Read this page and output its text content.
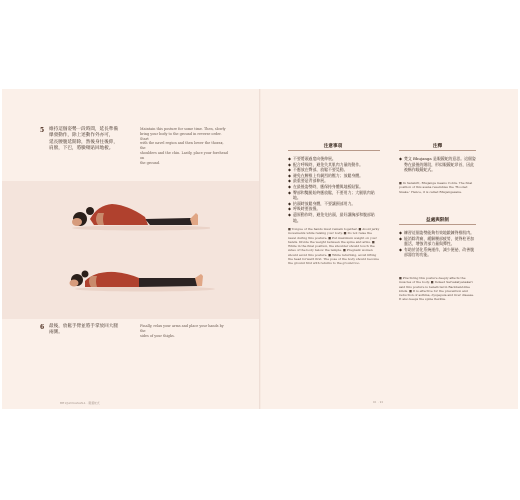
5 維持這個姿勢一段時間，延長準備
爆發動作，除上述動作外亦可，
延長腰腹延開除，然後身往後仰，
肩膀，下巴，將臉頰貼回地板。
Maintain this posture for some time. Then, slowly
bring your body to the ground in reverse order. Start
with the navel region and then lower the thorax, the
shoulders and the chin. Lastly, place your forehead on
the ground.
6 最後，放鬆手臂並將手掌放回大腿
兩側。
Finally, relax your arms and place your hands by the
sides of your thighs.
BHUJANGASANA · 眼鏡蛇式
注意事項
◆ 不要將頭過度向後伸展。
◆ 配合呼吸時，避免失其肌肉力量的動作。
◆ 不應放在臀部，放鬆不要晃動。
◆ 避免在腰椎上有劇烈的壓力；放鬆身體。
◆ 最重要是背部伸展。
◆ 在最後姿勢時，應保持身體與地板貼緊。
◆ 臀部和雙腿始終應放鬆，不要用力；大腿肌肉貼地。
◆ 抬頭時放鬆身體，不要讓頸部用力。
◆ 呼吸時要放慢。
◆ 還原動作時，避免先抬頭，最好讓胸部和腹部貼地。
■ Tongue of the hands must remain together. ■ Avoid jerky movements while raising your body. ■ Do not raise the navel during this posture. ■ Put maximum weight on your hands. Divide the weight between the spine and arms. ■ While in the final position, the shoulder should touch the sides of the body below the temple. ■ Pregnant women should avoid this posture. ■ While returning, avoid lifting the head forward first. The pose of the body should become the ground first with returns to the ground too.
注釋
◆ 梵文 Bhujanga 是眼鏡蛇的意思。這個姿勢在最後的階段，形似眼鏡蛇昂首，因此被稱作眼鏡蛇式。
■ In Sanskrit, Bhujanga means Cobra. The final position of this asana resembles the 'Hooded Snake.' Hence, it is called Bhujangasana.
益處與限制
◆ 練習這個姿勢能夠有效地鍛鍊脊椎肌肉。
◆ 能消除背痛，緩解腰部疲勞，使脊柱更加靈活，增強背部力量與彈性。
◆ 有助於消化系統運作，減少便祕，改善腹部器官的功能。
■ Practicing this posture deeply affects the muscles of the body. ■ Indeed Sarvakalyanakari said this posture is beneficial in Backbend-like kinds. ■ It is effective for the prevention and reduction of asthma, dyspepsia and liver disease. It also keeps the spine flexible.
91 · 91
